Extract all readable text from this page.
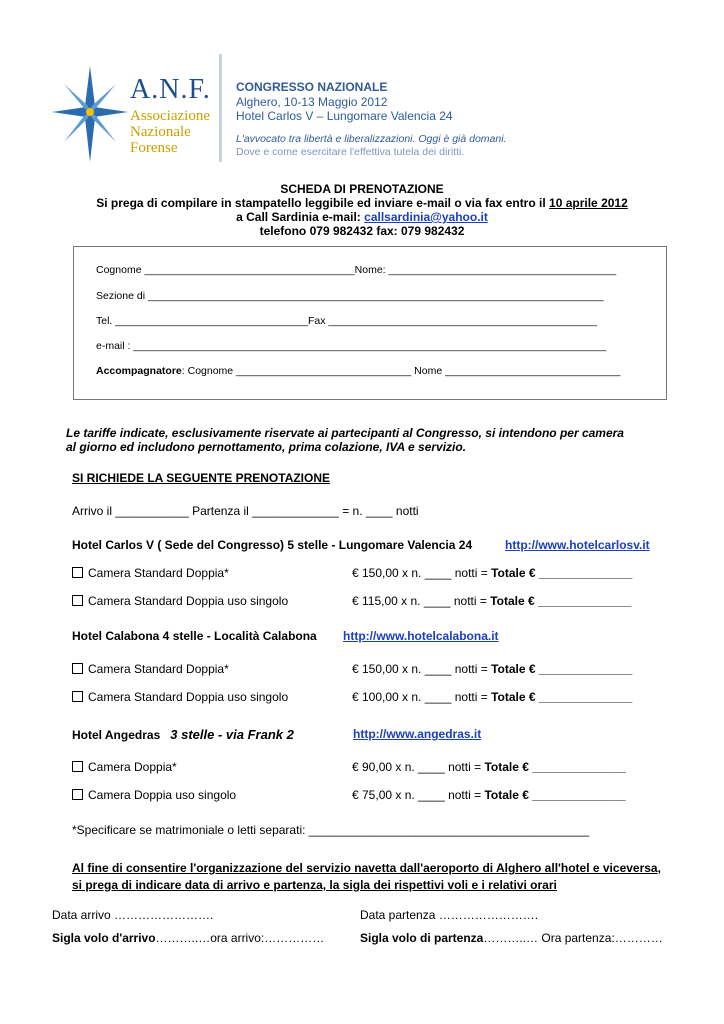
A.N.F.
Associazione
Nazionale
Forense
CONGRESSO NAZIONALE
Alghero, 10-13 Maggio 2012
Hotel Carlos V – Lungomare Valencia 24
L'avvocato tra libertà e liberalizzazioni. Oggi è già domani.
Dove e come esercitare l'effettiva tutela dei diritti.
SCHEDA DI PRENOTAZIONE
Si prega di compilare in stampatello leggibile ed inviare e-mail o via fax entro il 10 aprile 2012
a Call Sardinia e-mail: callsardinia@yahoo.it
telefono 079 982432 fax: 079 982432
Cognome ____________________________________Nome: _______________________________________
Sezione di ______________________________________________________________________________
Tel. _________________________________Fax ______________________________________________
e-mail : _________________________________________________________________________________
Accompagnatore: Cognome ______________________________ Nome ______________________________
Le tariffe indicate, esclusivamente riservate ai partecipanti al Congresso, si intendono per camera
al giorno ed includono pernottamento, prima colazione, IVA e servizio.
SI RICHIEDE LA SEGUENTE PRENOTAZIONE
Arrivo il ___________ Partenza il _____________ = n. ____ notti
Hotel Carlos V ( Sede del Congresso) 5 stelle - Lungomare Valencia 24	http://www.hotelcarlosv.it
Camera Standard Doppia*	€ 150,00 x n. ____ notti = Totale € ______________
Camera Standard Doppia uso singolo	€ 115,00 x n. ____ notti = Totale € ______________
Hotel Calabona 4 stelle - Località Calabona http://www.hotelcalabona.it
Camera Standard Doppia*	€ 150,00 x n. ____ notti = Totale € ______________
Camera Standard Doppia uso singolo	€ 100,00 x n. ____ notti = Totale € ______________
Hotel Angedras 3 stelle - via Frank 2	http://www.angedras.it
Camera Doppia*	€ 90,00 x n. ____ notti = Totale € ______________
Camera Doppia uso singolo	€ 75,00 x n. ____ notti = Totale € ______________
*Specificare se matrimoniale o letti separati: __________________________________________
Al fine di consentire l'organizzazione del servizio navetta dall'aeroporto di Alghero all'hotel e viceversa,
si prega di indicare data di arrivo e partenza, la sigla dei rispettivi voli e i relativi orari
Data arrivo …………………….	Data partenza …………………….
Sigla volo d'arrivo………..…ora arrivo:……………	Sigla volo di partenza………..… Ora partenza:…………
